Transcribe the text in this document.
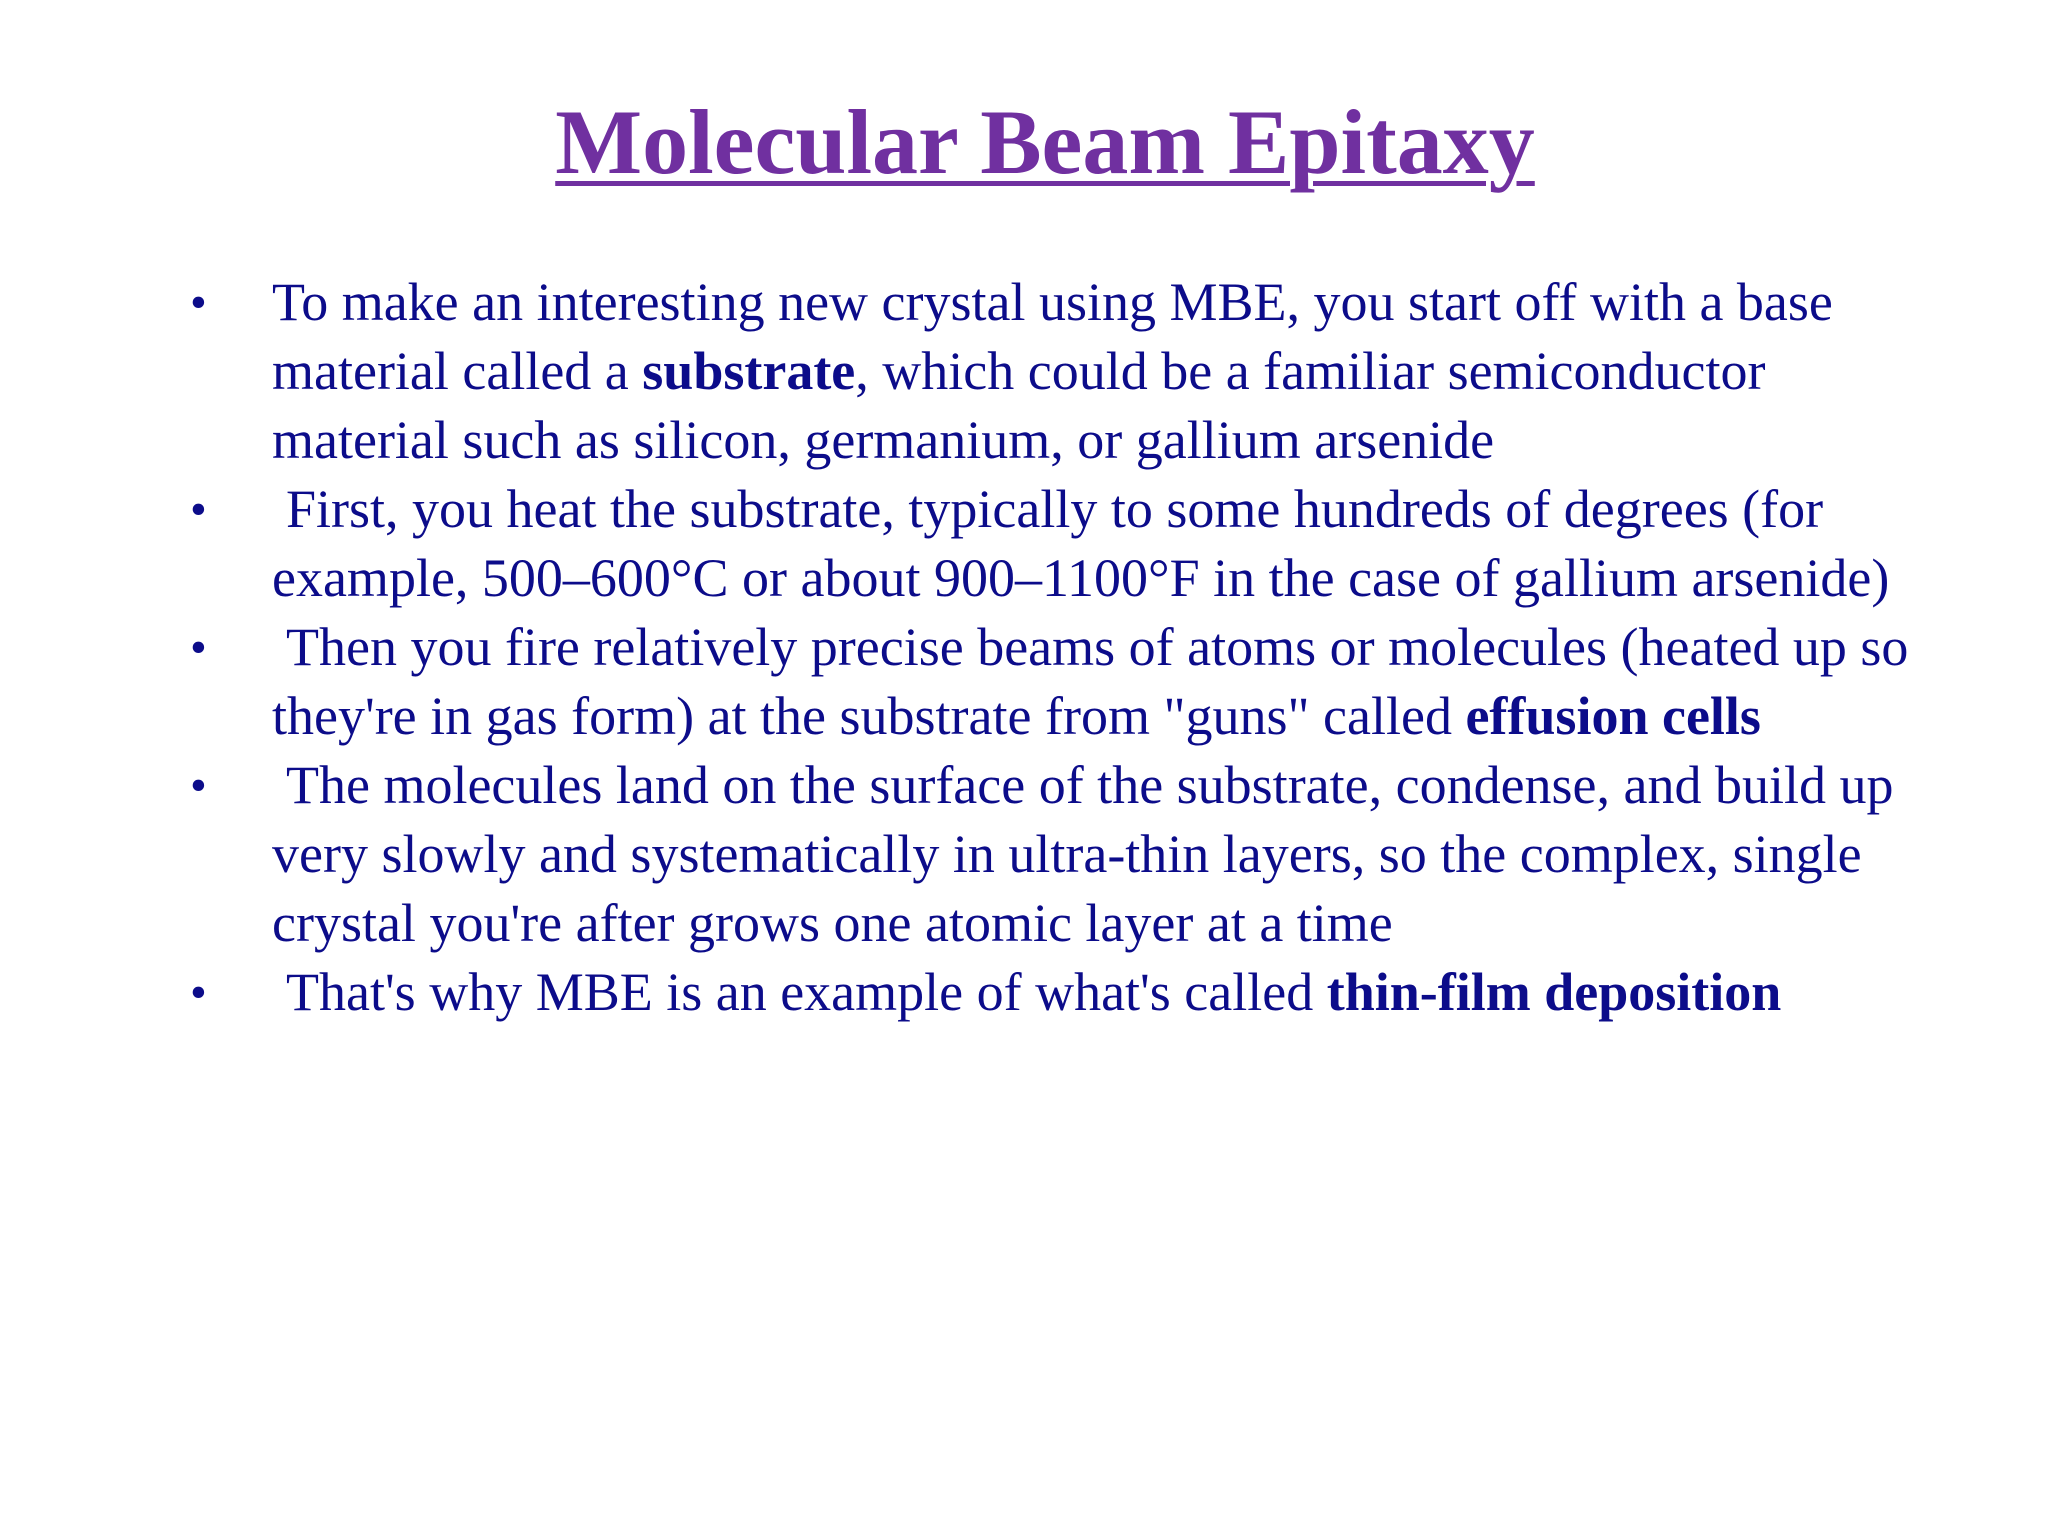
Molecular Beam Epitaxy
• To make an interesting new crystal using MBE, you start off with a base material called a substrate, which could be a familiar semiconductor material such as silicon, germanium, or gallium arsenide
• First, you heat the substrate, typically to some hundreds of degrees (for example, 500–600°C or about 900–1100°F in the case of gallium arsenide)
• Then you fire relatively precise beams of atoms or molecules (heated up so they're in gas form) at the substrate from "guns" called effusion cells
• The molecules land on the surface of the substrate, condense, and build up very slowly and systematically in ultra-thin layers, so the complex, single crystal you're after grows one atomic layer at a time
• That's why MBE is an example of what's called thin-film deposition
